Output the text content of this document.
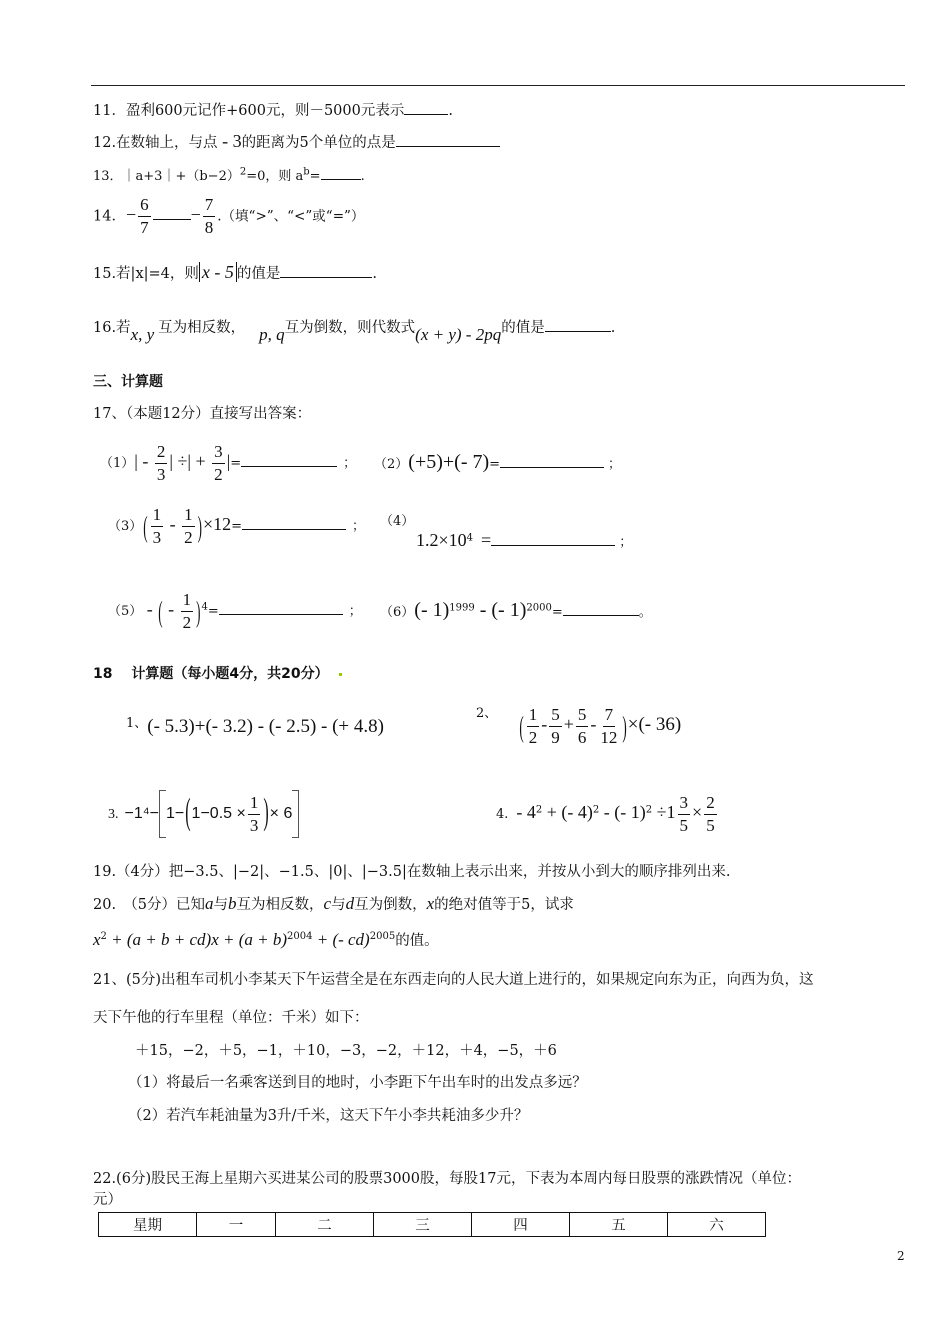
11．盈利600元记作+600元，则－5000元表示	.
12.在数轴上，与点 - 3的距离为5个单位的点是
13．$|a+3|+(b-2)^2=0$，则 $a^b=$	.
14．− $\frac{6}{7} - \frac{7}{8}$ .（填“>”、“<”或“=”）
15.若|x|=4，则 x - 5 的值是	.
16.若x, y 互为相反数， p, q互为倒数，则代数式(x + y) - 2pq的值是	.
三、计算题
17、（本题12分）直接写出答案：
$(1)| - \frac{2}{3}$ | ÷| + $\frac{3}{2}$ |=	； （2）(+5)+(- 7)=	；
$(3)( \frac{1}{3} - \frac{1}{2} )\times 12=$	； （4）
$1.2\times 10^4$ =	；
（5） - ( - $\frac{1}{2} )^4=$	； （6）(- 1)$^{1999}$ - (- 1)$^{2000}$=	。
18　 计算题（每小题4分，共20分）
1、(- 5.3)+(- 3.2) - (- 2.5) - (+ 4.8)
2、 ( $\frac{1}{2} - \frac{5}{9} + \frac{5}{6} - \frac{7}{12}$ )×(- 36)
3. $-1^4- 1-(1-0.5 \times \frac{1}{3}$ )× 6	4. - $4^2$ + (- 4)$^2$ - (- $1)^2 \div 1 \frac{3}{5} \times \frac{2}{5}$
19.（4分）把−3.5、|−2|、−1.5、|0|、|−3.5|在数轴上表示出来，并按从小到大的顺序排列出来.
20.　（5分）已知a与b互为相反数，c与d互为倒数，x的绝对值等于5，试求
$x^2 + (a + b + cd)x + (a + b)^{2004}$ + (- cd)$^{2005}$的值。
21、(5分)出租车司机小李某天下午运营全是在东西走向的人民大道上进行的，如果规定向东为正，向西为负，这
天下午他的行车里程（单位：千米）如下：
＋15，−2，＋5，−1，＋10，−3，−2，＋12，＋4，−5，＋6
（1）将最后一名乘客送到目的地时，小李距下午出车时的出发点多远？
（2）若汽车耗油量为3升/千米，这天下午小李共耗油多少升？
22.(6分)股民王海上星期六买进某公司的股票3000股，每股17元，下表为本周内每日股票的涨跌情况（单位：
元）
星期	一	二	三	四	五	六
2
